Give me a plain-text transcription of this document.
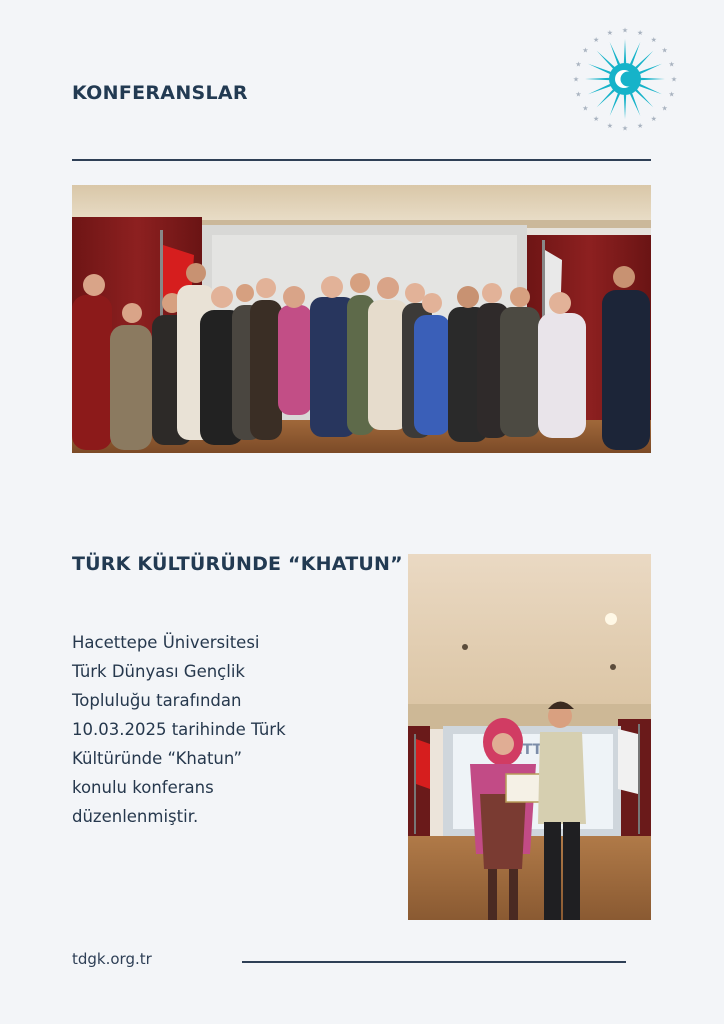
KONFERANSLAR
★
★
★
★
★
★
★
★
★
★
★
★
★
★
★ ★ ★
★
★
★
TÜRK KÜLTÜRÜNDE “KHATUN”
Hacettepe Üniversitesi
Türk Dünyası Gençlik
Topluluğu tarafından
10.03.2025 tarihinde Türk
Kültüründe “Khatun”
konulu konferans
düzenlenmiştir.
tdgk.org.tr
